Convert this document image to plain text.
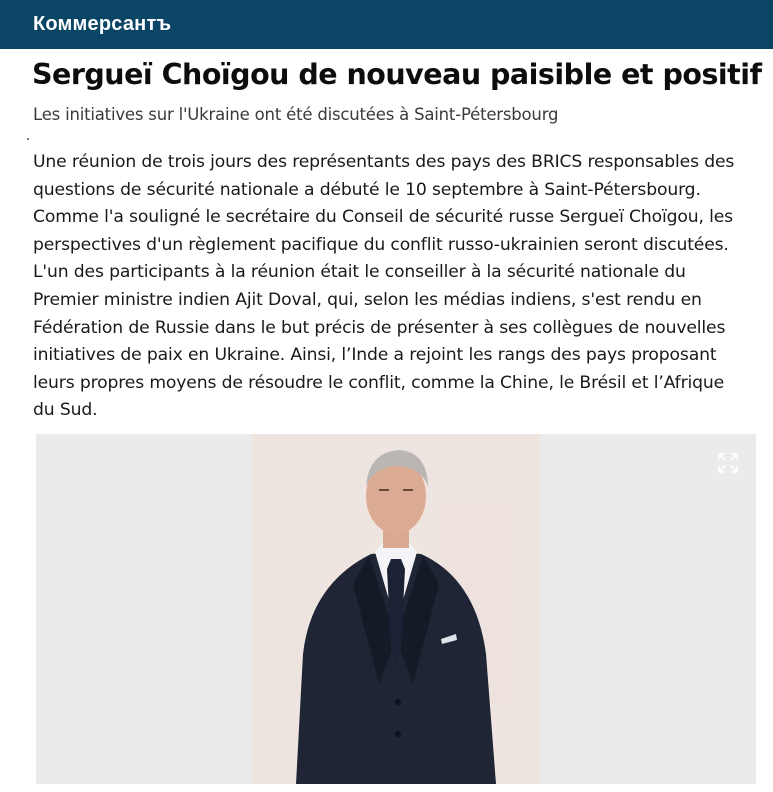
Коммерсантъ
Sergueï Choïgou de nouveau paisible et positif
Les initiatives sur l'Ukraine ont été discutées à Saint-Pétersbourg

Une réunion de trois jours des représentants des pays des BRICS responsables des questions de sécurité nationale a débuté le 10 septembre à Saint-Pétersbourg. Comme l'a souligné le secrétaire du Conseil de sécurité russe Sergueï Choïgou, les perspectives d'un règlement pacifique du conflit russo-ukrainien seront discutées. L'un des participants à la réunion était le conseiller à la sécurité nationale du Premier ministre indien Ajit Doval, qui, selon les médias indiens, s'est rendu en Fédération de Russie dans le but précis de présenter à ses collègues de nouvelles initiatives de paix en Ukraine. Ainsi, l’Inde a rejoint les rangs des pays proposant leurs propres moyens de résoudre le conflit, comme la Chine, le Brésil et l’Afrique du Sud.
